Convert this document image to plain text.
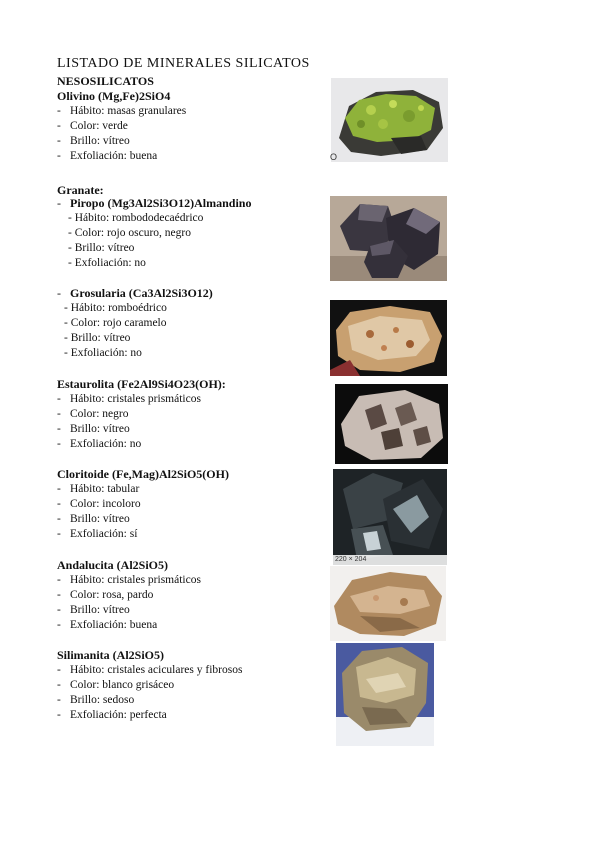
LISTADO DE MINERALES SILICATOS
NESOSILICATOS
Olivino (Mg,Fe)2SiO4
- Hábito: masas granulares
- Color: verde
- Brillo: vítreo
- Exfoliación: buena
Granate:
- Piropo (Mg3Al2Si3O12)Almandino
- Hábito: rombododecaédrico
- Color: rojo oscuro, negro
- Brillo: vítreo
- Exfoliación: no
- Grosularia (Ca3Al2Si3O12)
- Hábito: romboédrico
- Color: rojo caramelo
- Brillo: vítreo
- Exfoliación: no
Estaurolita (Fe2Al9Si4O23(OH):
- Hábito: cristales prismáticos
- Color: negro
- Brillo: vítreo
- Exfoliación: no
Cloritoide (Fe,Mag)Al2SiO5(OH)
- Hábito: tabular
- Color: incoloro
- Brillo: vítreo
- Exfoliación: sí
Andalucita (Al2SiO5)
- Hábito: cristales prismáticos
- Color: rosa, pardo
- Brillo: vítreo
- Exfoliación: buena
Silimanita (Al2SiO5)
- Hábito: cristales aciculares y fibrosos
- Color: blanco grisáceo
- Brillo: sedoso
- Exfoliación: perfecta
O
220 × 204
